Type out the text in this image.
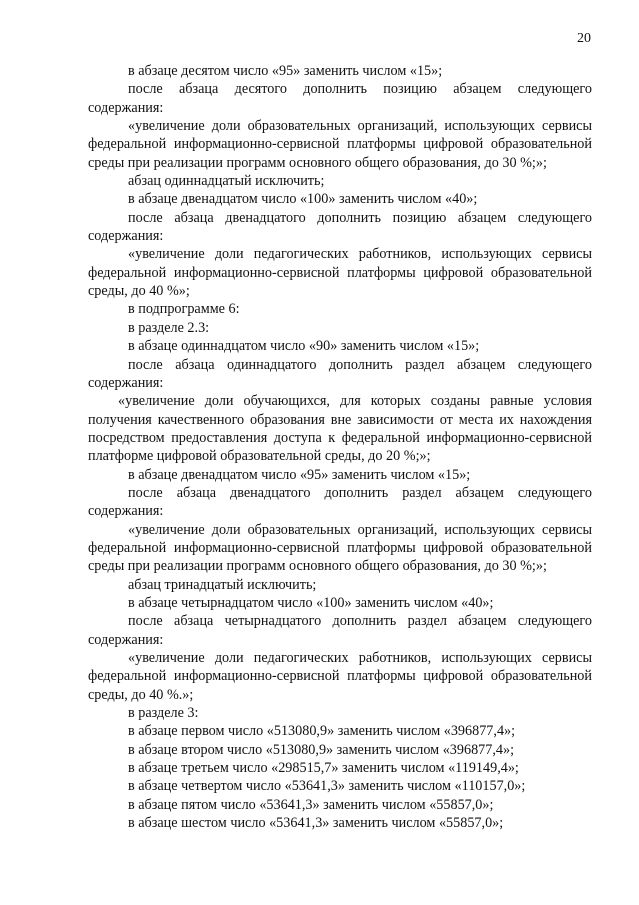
20

в абзаце десятом число «95» заменить числом «15»;

после абзаца десятого дополнить позицию абзацем следующего содержания:

«увеличение доли образовательных организаций, использующих сервисы федеральной информационно-сервисной платформы цифровой образовательной среды при реализации программ основного общего образования, до 30 %;»;

абзац одиннадцатый исключить;

в абзаце двенадцатом число «100» заменить числом «40»;

после абзаца двенадцатого дополнить позицию абзацем следующего содержания:

«увеличение доли педагогических работников, использующих сервисы федеральной информационно-сервисной платформы цифровой образовательной среды, до 40 %»;

в подпрограмме 6:

в разделе 2.3:

в абзаце одиннадцатом число «90» заменить числом «15»;

после абзаца одиннадцатого дополнить раздел абзацем следующего содержания:

«увеличение доли обучающихся, для которых созданы равные условия получения качественного образования вне зависимости от места их нахождения посредством предоставления доступа к федеральной информационно-сервисной платформе цифровой образовательной среды, до 20 %;»;

в абзаце двенадцатом число «95» заменить числом «15»;

после абзаца двенадцатого дополнить раздел абзацем следующего содержания:

«увеличение доли образовательных организаций, использующих сервисы федеральной информационно-сервисной платформы цифровой образовательной среды при реализации программ основного общего образования, до 30 %;»;

абзац тринадцатый исключить;

в абзаце четырнадцатом число «100» заменить числом «40»;

после абзаца четырнадцатого дополнить раздел абзацем следующего содержания:

«увеличение доли педагогических работников, использующих сервисы федеральной информационно-сервисной платформы цифровой образовательной среды, до 40 %.»;

в разделе 3:

в абзаце первом число «513080,9» заменить числом «396877,4»;

в абзаце втором число «513080,9» заменить числом «396877,4»;

в абзаце третьем число «298515,7» заменить числом «119149,4»;

в абзаце четвертом число «53641,3» заменить числом «110157,0»;

в абзаце пятом число «53641,3» заменить числом «55857,0»;

в абзаце шестом число «53641,3» заменить числом «55857,0»;
